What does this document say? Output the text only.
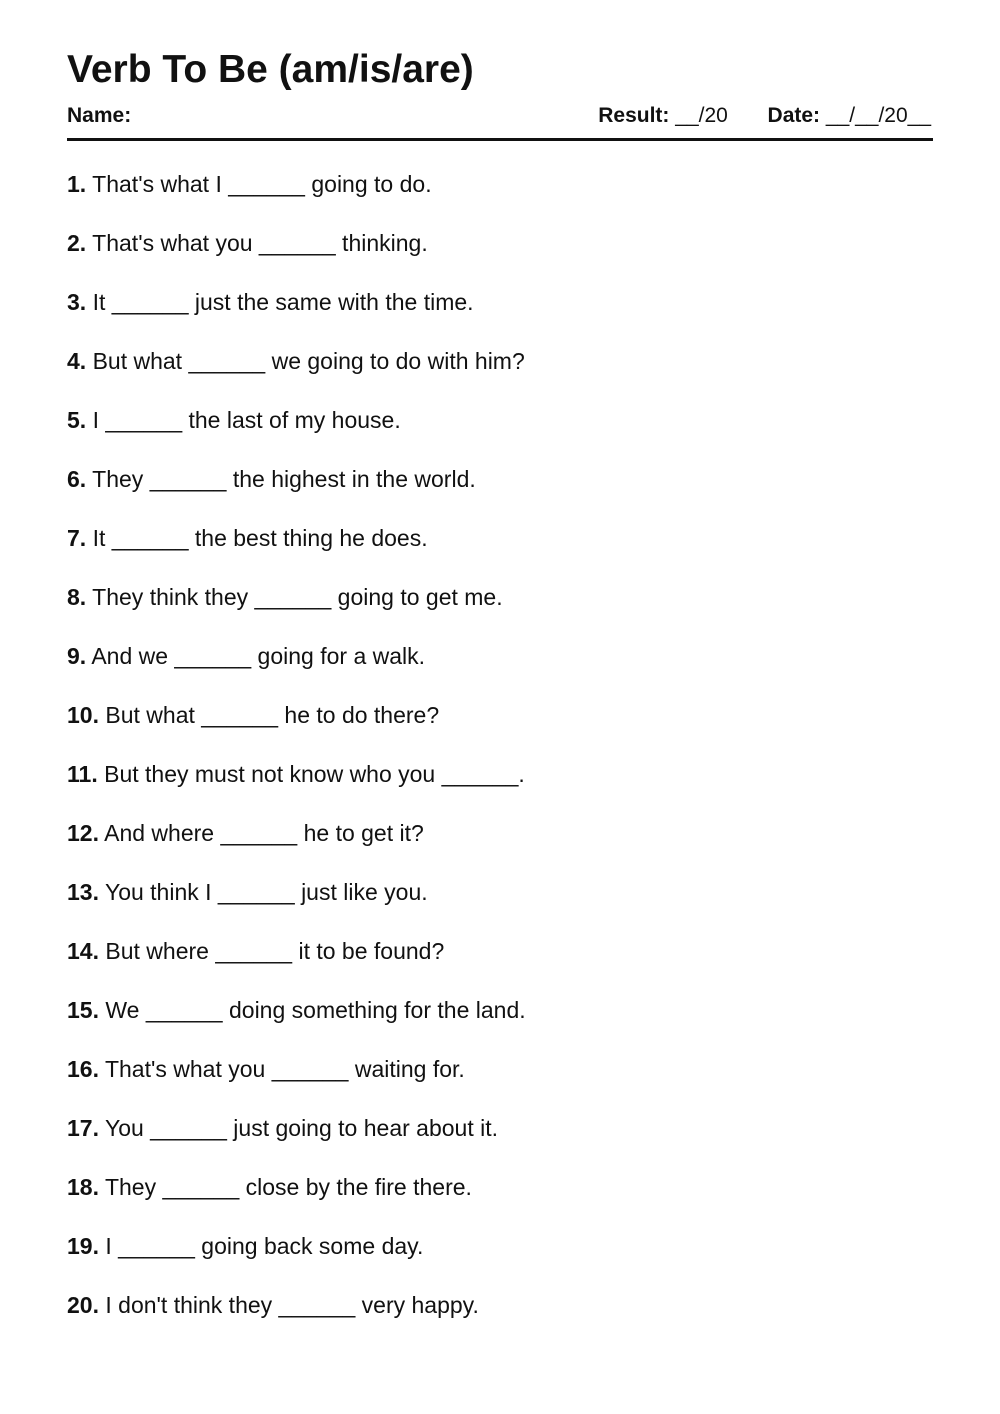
Verb To Be (am/is/are)
Name:	Result: __/20 Date: __/__/20__
1. That's what I ______ going to do.
2. That's what you ______ thinking.
3. It ______ just the same with the time.
4. But what ______ we going to do with him?
5. I ______ the last of my house.
6. They ______ the highest in the world.
7. It ______ the best thing he does.
8. They think they ______ going to get me.
9. And we ______ going for a walk.
10. But what ______ he to do there?
11. But they must not know who you ______.
12. And where ______ he to get it?
13. You think I ______ just like you.
14. But where ______ it to be found?
15. We ______ doing something for the land.
16. That's what you ______ waiting for.
17. You ______ just going to hear about it.
18. They ______ close by the fire there.
19. I ______ going back some day.
20. I don't think they ______ very happy.
